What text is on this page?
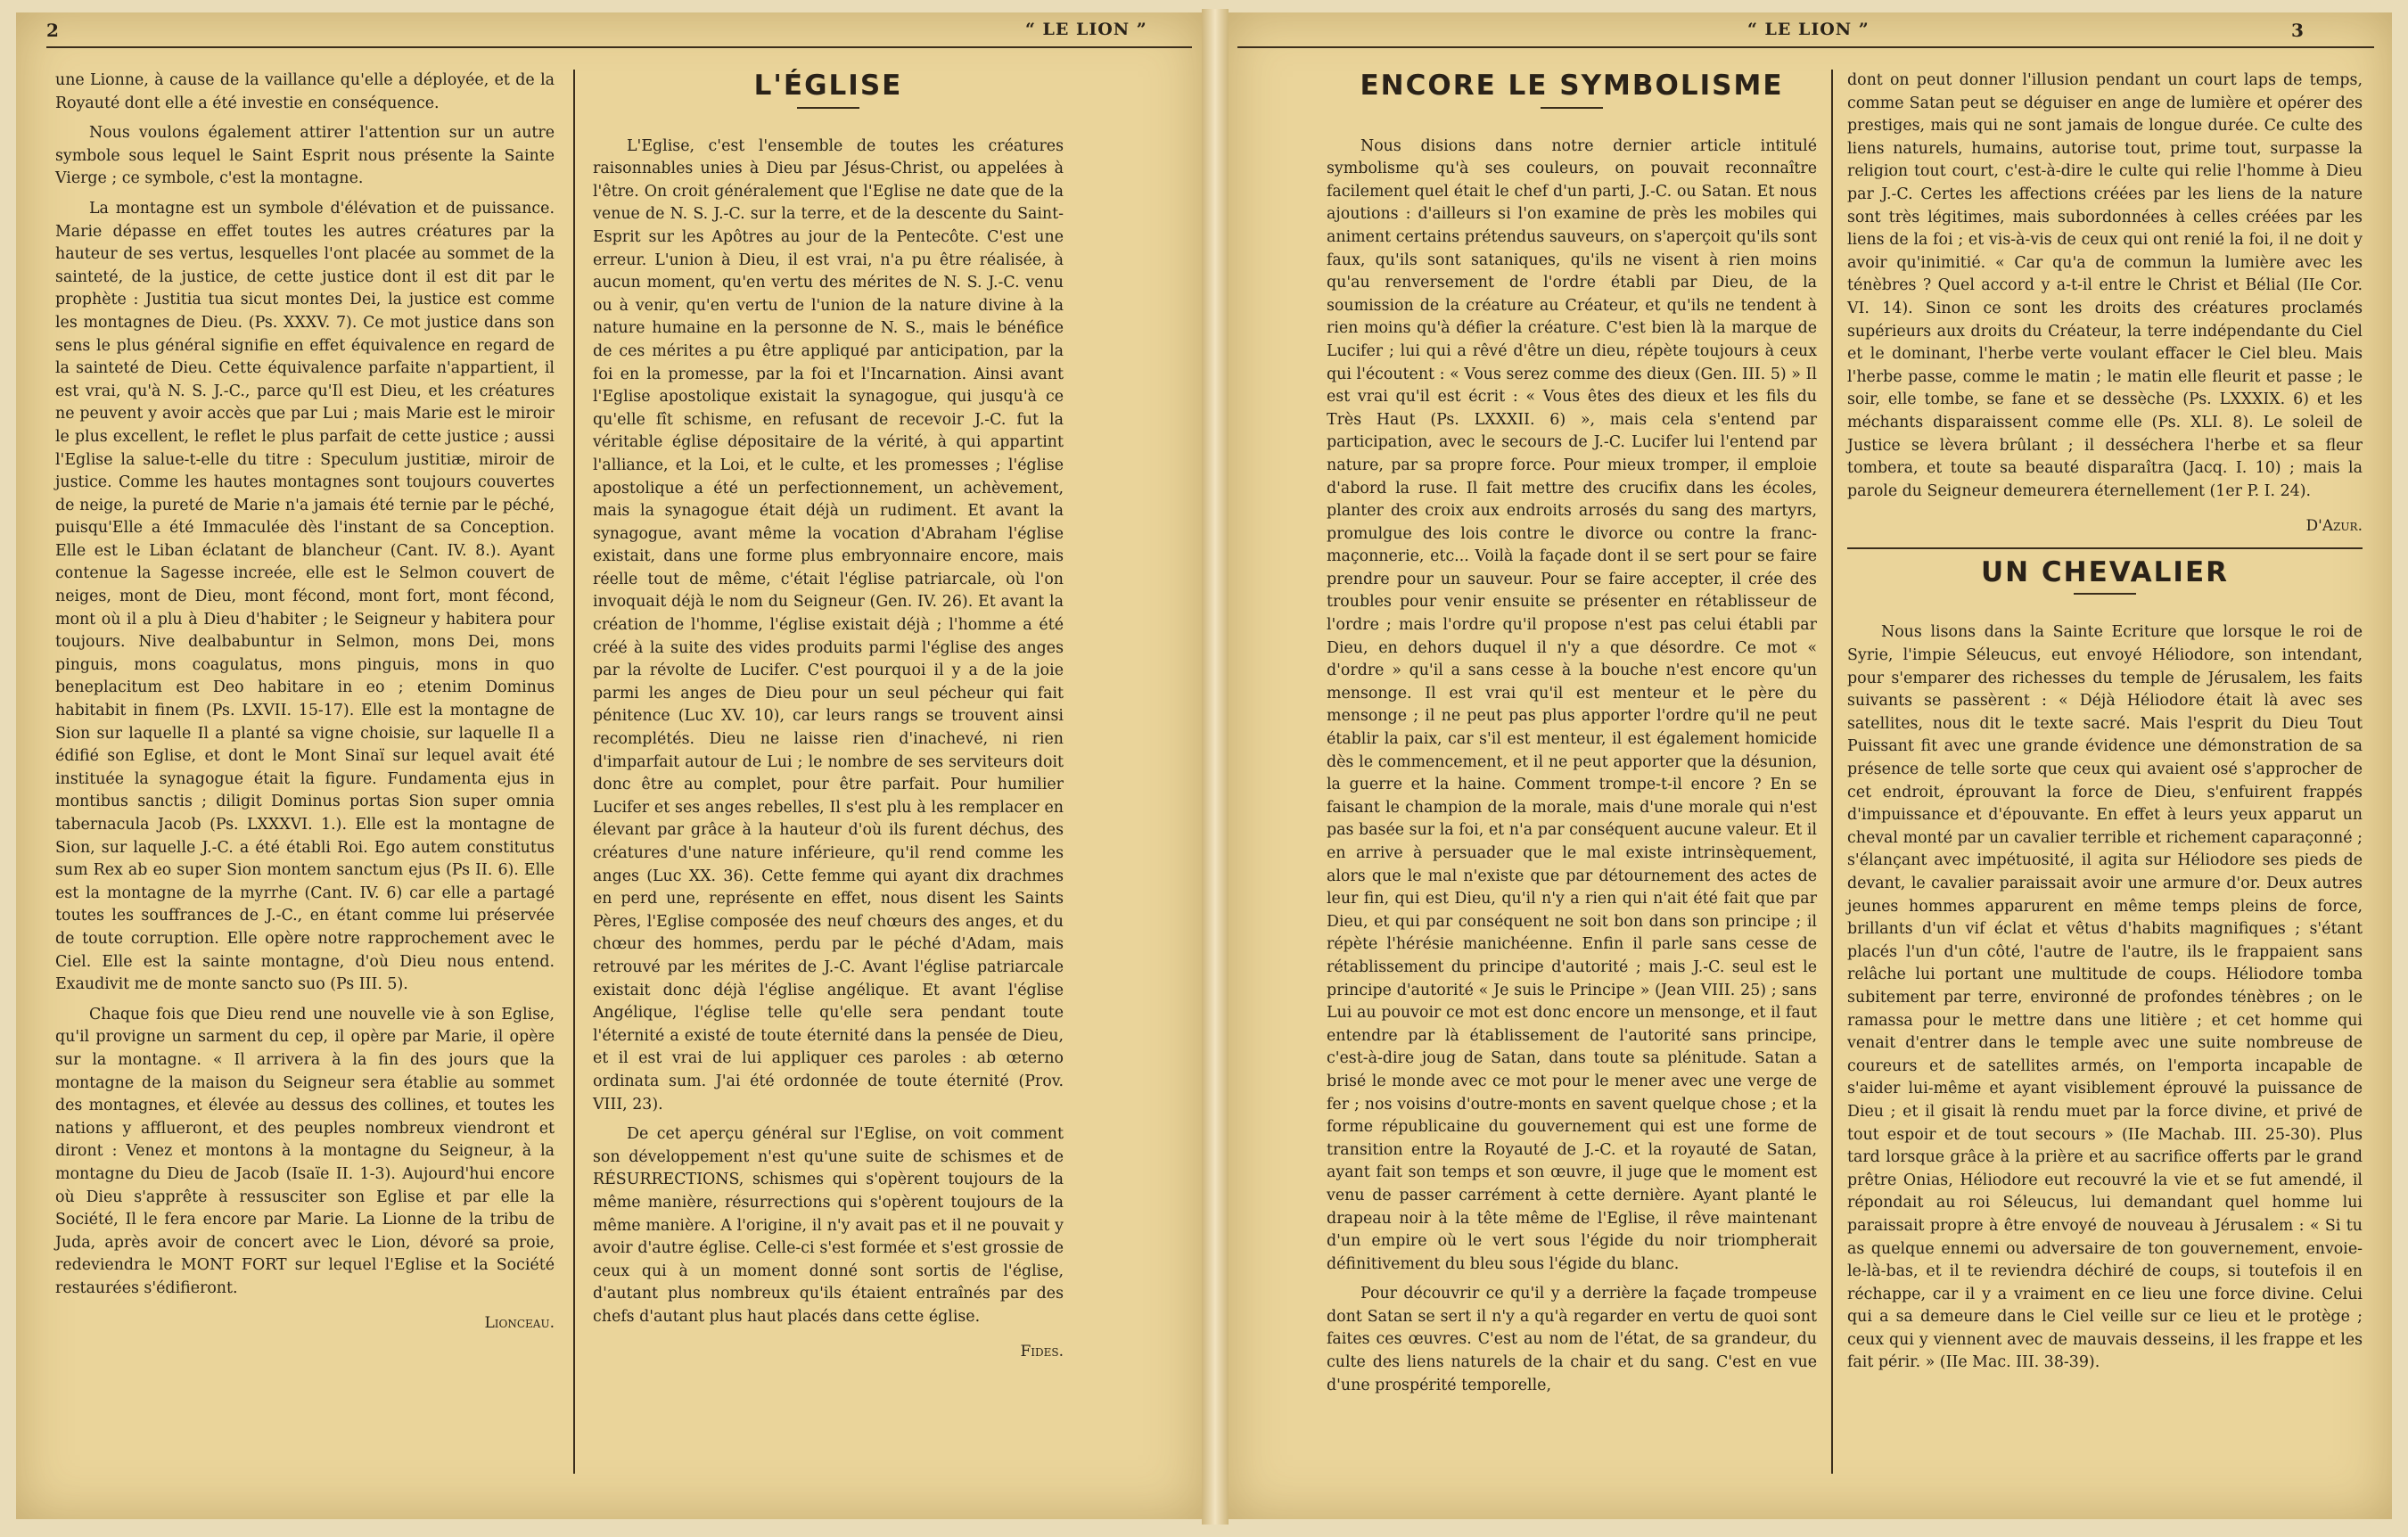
2	“ LE LION ”	“ LE LION ”	3

une Lionne, à cause de la vaillance qu'elle a déployée, et de la Royauté dont elle a été investie en conséquence.

Nous voulons également attirer l'attention sur un autre symbole sous lequel le Saint Esprit nous présente la Sainte Vierge ; ce symbole, c'est la montagne.

La montagne est un symbole d'élévation et de puissance. Marie dépasse en effet toutes les autres créatures par la hauteur de ses vertus, lesquelles l'ont placée au sommet de la sainteté, de la justice, de cette justice dont il est dit par le prophète : Justitia tua sicut montes Dei, la justice est comme les montagnes de Dieu. (Ps. XXXV. 7). Ce mot justice dans son sens le plus général signifie en effet équivalence en regard de la sainteté de Dieu. Cette équivalence parfaite n'appartient, il est vrai, qu'à N. S. J.-C., parce qu'Il est Dieu, et les créatures ne peuvent y avoir accès que par Lui ; mais Marie est le miroir le plus excellent, le reflet le plus parfait de cette justice ; aussi l'Eglise la salue-t-elle du titre : Speculum justitiæ, miroir de justice. Comme les hautes montagnes sont toujours couvertes de neige, la pureté de Marie n'a jamais été ternie par le péché, puisqu'Elle a été Immaculée dès l'instant de sa Conception. Elle est le Liban éclatant de blancheur (Cant. IV. 8.). Ayant contenue la Sagesse increée, elle est le Selmon couvert de neiges, mont de Dieu, mont fécond, mont fort, mont fécond, mont où il a plu à Dieu d'habiter ; le Seigneur y habitera pour toujours. Nive dealbabuntur in Selmon, mons Dei, mons pinguis, mons coagulatus, mons pinguis, mons in quo beneplacitum est Deo habitare in eo ; etenim Dominus habitabit in finem (Ps. LXVII. 15-17). Elle est la montagne de Sion sur laquelle Il a planté sa vigne choisie, sur laquelle Il a édifié son Eglise, et dont le Mont Sinaï sur lequel avait été instituée la synagogue était la figure. Fundamenta ejus in montibus sanctis ; diligit Dominus portas Sion super omnia tabernacula Jacob (Ps. LXXXVI. 1.). Elle est la montagne de Sion, sur laquelle J.-C. a été établi Roi. Ego autem constitutus sum Rex ab eo super Sion montem sanctum ejus (Ps II. 6). Elle est la montagne de la myrrhe (Cant. IV. 6) car elle a partagé toutes les souffrances de J.-C., en étant comme lui préservée de toute corruption. Elle opère notre rapprochement avec le Ciel. Elle est la sainte montagne, d'où Dieu nous entend. Exaudivit me de monte sancto suo (Ps III. 5).

Chaque fois que Dieu rend une nouvelle vie à son Eglise, qu'il provigne un sarment du cep, il opère par Marie, il opère sur la montagne. « Il arrivera à la fin des jours que la montagne de la maison du Seigneur sera établie au sommet des montagnes, et élevée au dessus des collines, et toutes les nations y afflueront, et des peuples nombreux viendront et diront : Venez et montons à la montagne du Seigneur, à la montagne du Dieu de Jacob (Isaïe II. 1-3). Aujourd'hui encore où Dieu s'apprête à ressusciter son Eglise et par elle la Société, Il le fera encore par Marie. La Lionne de la tribu de Juda, après avoir de concert avec le Lion, dévoré sa proie, redeviendra le MONT FORT sur lequel l'Eglise et la Société restaurées s'édifieront.

Lionceau.
L'ÉGLISE

L'Eglise, c'est l'ensemble de toutes les créatures raisonnables unies à Dieu par Jésus-Christ, ou appelées à l'être. On croit généralement que l'Eglise ne date que de la venue de N. S. J.-C. sur la terre, et de la descente du Saint-Esprit sur les Apôtres au jour de la Pentecôte. C'est une erreur. L'union à Dieu, il est vrai, n'a pu être réalisée, à aucun moment, qu'en vertu des mérites de N. S. J.-C. venu ou à venir, qu'en vertu de l'union de la nature divine à la nature humaine en la personne de N. S., mais le bénéfice de ces mérites a pu être appliqué par anticipation, par la foi en la promesse, par la foi et l'Incarnation. Ainsi avant l'Eglise apostolique existait la synagogue, qui jusqu'à ce qu'elle fît schisme, en refusant de recevoir J.-C. fut la véritable église dépositaire de la vérité, à qui appartint l'alliance, et la Loi, et le culte, et les promesses ; l'église apostolique a été un perfectionnement, un achèvement, mais la synagogue était déjà un rudiment. Et avant la synagogue, avant même la vocation d'Abraham l'église existait, dans une forme plus embryonnaire encore, mais réelle tout de même, c'était l'église patriarcale, où l'on invoquait déjà le nom du Seigneur (Gen. IV. 26). Et avant la création de l'homme, l'église existait déjà ; l'homme a été créé à la suite des vides produits parmi l'église des anges par la révolte de Lucifer. C'est pourquoi il y a de la joie parmi les anges de Dieu pour un seul pécheur qui fait pénitence (Luc XV. 10), car leurs rangs se trouvent ainsi recomplétés. Dieu ne laisse rien d'inachevé, ni rien d'imparfait autour de Lui ; le nombre de ses serviteurs doit donc être au complet, pour être parfait. Pour humilier Lucifer et ses anges rebelles, Il s'est plu à les remplacer en élevant par grâce à la hauteur d'où ils furent déchus, des créatures d'une nature inférieure, qu'il rend comme les anges (Luc XX. 36). Cette femme qui ayant dix drachmes en perd une, représente en effet, nous disent les Saints Pères, l'Eglise composée des neuf chœurs des anges, et du chœur des hommes, perdu par le péché d'Adam, mais retrouvé par les mérites de J.-C. Avant l'église patriarcale existait donc déjà l'église angélique. Et avant l'église Angélique, l'église telle qu'elle sera pendant toute l'éternité a existé de toute éternité dans la pensée de Dieu, et il est vrai de lui appliquer ces paroles : ab œterno ordinata sum. J'ai été ordonnée de toute éternité (Prov. VIII, 23).

De cet aperçu général sur l'Eglise, on voit comment son développement n'est qu'une suite de schismes et de RÉSURRECTIONS, schismes qui s'opèrent toujours de la même manière, résurrections qui s'opèrent toujours de la même manière. A l'origine, il n'y avait pas et il ne pouvait y avoir d'autre église. Celle-ci s'est formée et s'est grossie de ceux qui à un moment donné sont sortis de l'église, d'autant plus nombreux qu'ils étaient entraînés par des chefs d'autant plus haut placés dans cette église.

Fides.
ENCORE LE SYMBOLISME

Nous disions dans notre dernier article intitulé symbolisme qu'à ses couleurs, on pouvait reconnaître facilement quel était le chef d'un parti, J.-C. ou Satan. Et nous ajoutions : d'ailleurs si l'on examine de près les mobiles qui animent certains prétendus sauveurs, on s'aperçoit qu'ils sont faux, qu'ils sont sataniques, qu'ils ne visent à rien moins qu'au renversement de l'ordre établi par Dieu, de la soumission de la créature au Créateur, et qu'ils ne tendent à rien moins qu'à défier la créature. C'est bien là la marque de Lucifer ; lui qui a rêvé d'être un dieu, répète toujours à ceux qui l'écoutent : « Vous serez comme des dieux (Gen. III. 5) » Il est vrai qu'il est écrit : « Vous êtes des dieux et les fils du Très Haut (Ps. LXXXII. 6) », mais cela s'entend par participation, avec le secours de J.-C. Lucifer lui l'entend par nature, par sa propre force. Pour mieux tromper, il emploie d'abord la ruse. Il fait mettre des crucifix dans les écoles, planter des croix aux endroits arrosés du sang des martyrs, promulgue des lois contre le divorce ou contre la franc-maçonnerie, etc... Voilà la façade dont il se sert pour se faire prendre pour un sauveur. Pour se faire accepter, il crée des troubles pour venir ensuite se présenter en rétablisseur de l'ordre ; mais l'ordre qu'il propose n'est pas celui établi par Dieu, en dehors duquel il n'y a que désordre. Ce mot « d'ordre » qu'il a sans cesse à la bouche n'est encore qu'un mensonge. Il est vrai qu'il est menteur et le père du mensonge ; il ne peut pas plus apporter l'ordre qu'il ne peut établir la paix, car s'il est menteur, il est également homicide dès le commencement, et il ne peut apporter que la désunion, la guerre et la haine. Comment trompe-t-il encore ? En se faisant le champion de la morale, mais d'une morale qui n'est pas basée sur la foi, et n'a par conséquent aucune valeur. Et il en arrive à persuader que le mal existe intrinsèquement, alors que le mal n'existe que par détournement des actes de leur fin, qui est Dieu, qu'il n'y a rien qui n'ait été fait que par Dieu, et qui par conséquent ne soit bon dans son principe ; il répète l'hérésie manichéenne. Enfin il parle sans cesse de rétablissement du principe d'autorité ; mais J.-C. seul est le principe d'autorité « Je suis le Principe » (Jean VIII. 25) ; sans Lui au pouvoir ce mot est donc encore un mensonge, et il faut entendre par là établissement de l'autorité sans principe, c'est-à-dire joug de Satan, dans toute sa plénitude. Satan a brisé le monde avec ce mot pour le mener avec une verge de fer ; nos voisins d'outre-monts en savent quelque chose ; et la forme républicaine du gouvernement qui est une forme de transition entre la Royauté de J.-C. et la royauté de Satan, ayant fait son temps et son œuvre, il juge que le moment est venu de passer carrément à cette dernière. Ayant planté le drapeau noir à la tête même de l'Eglise, il rêve maintenant d'un empire où le vert sous l'égide du noir triompherait définitivement du bleu sous l'égide du blanc.

Pour découvrir ce qu'il y a derrière la façade trompeuse dont Satan se sert il n'y a qu'à regarder en vertu de quoi sont faites ces œuvres. C'est au nom de l'état, de sa grandeur, du culte des liens naturels de la chair et du sang. C'est en vue d'une prospérité temporelle,

dont on peut donner l'illusion pendant un court laps de temps, comme Satan peut se déguiser en ange de lumière et opérer des prestiges, mais qui ne sont jamais de longue durée. Ce culte des liens naturels, humains, autorise tout, prime tout, surpasse la religion tout court, c'est-à-dire le culte qui relie l'homme à Dieu par J.-C. Certes les affections créées par les liens de la nature sont très légitimes, mais subordonnées à celles créées par les liens de la foi ; et vis-à-vis de ceux qui ont renié la foi, il ne doit y avoir qu'inimitié. « Car qu'a de commun la lumière avec les ténèbres ? Quel accord y a-t-il entre le Christ et Bélial (IIe Cor. VI. 14). Sinon ce sont les droits des créatures proclamés supérieurs aux droits du Créateur, la terre indépendante du Ciel et le dominant, l'herbe verte voulant effacer le Ciel bleu. Mais l'herbe passe, comme le matin ; le matin elle fleurit et passe ; le soir, elle tombe, se fane et se dessèche (Ps. LXXXIX. 6) et les méchants disparaissent comme elle (Ps. XLI. 8). Le soleil de Justice se lèvera brûlant ; il desséchera l'herbe et sa fleur tombera, et toute sa beauté disparaîtra (Jacq. I. 10) ; mais la parole du Seigneur demeurera éternellement (1er P. I. 24).

D'Azur.
UN CHEVALIER

Nous lisons dans la Sainte Ecriture que lorsque le roi de Syrie, l'impie Séleucus, eut envoyé Héliodore, son intendant, pour s'emparer des richesses du temple de Jérusalem, les faits suivants se passèrent : « Déjà Héliodore était là avec ses satellites, nous dit le texte sacré. Mais l'esprit du Dieu Tout Puissant fit avec une grande évidence une démonstration de sa présence de telle sorte que ceux qui avaient osé s'approcher de cet endroit, éprouvant la force de Dieu, s'enfuirent frappés d'impuissance et d'épouvante. En effet à leurs yeux apparut un cheval monté par un cavalier terrible et richement caparaçonné ; s'élançant avec impétuosité, il agita sur Héliodore ses pieds de devant, le cavalier paraissait avoir une armure d'or. Deux autres jeunes hommes apparurent en même temps pleins de force, brillants d'un vif éclat et vêtus d'habits magnifiques ; s'étant placés l'un d'un côté, l'autre de l'autre, ils le frappaient sans relâche lui portant une multitude de coups. Héliodore tomba subitement par terre, environné de profondes ténèbres ; on le ramassa pour le mettre dans une litière ; et cet homme qui venait d'entrer dans le temple avec une suite nombreuse de coureurs et de satellites armés, on l'emporta incapable de s'aider lui-même et ayant visiblement éprouvé la puissance de Dieu ; et il gisait là rendu muet par la force divine, et privé de tout espoir et de tout secours » (IIe Machab. III. 25-30). Plus tard lorsque grâce à la prière et au sacrifice offerts par le grand prêtre Onias, Héliodore eut recouvré la vie et se fut amendé, il répondait au roi Séleucus, lui demandant quel homme lui paraissait propre à être envoyé de nouveau à Jérusalem : « Si tu as quelque ennemi ou adversaire de ton gouvernement, envoie-le-là-bas, et il te reviendra déchiré de coups, si toutefois il en réchappe, car il y a vraiment en ce lieu une force divine. Celui qui a sa demeure dans le Ciel veille sur ce lieu et le protège ; ceux qui y viennent avec de mauvais desseins, il les frappe et les fait périr. » (IIe Mac. III. 38-39).
